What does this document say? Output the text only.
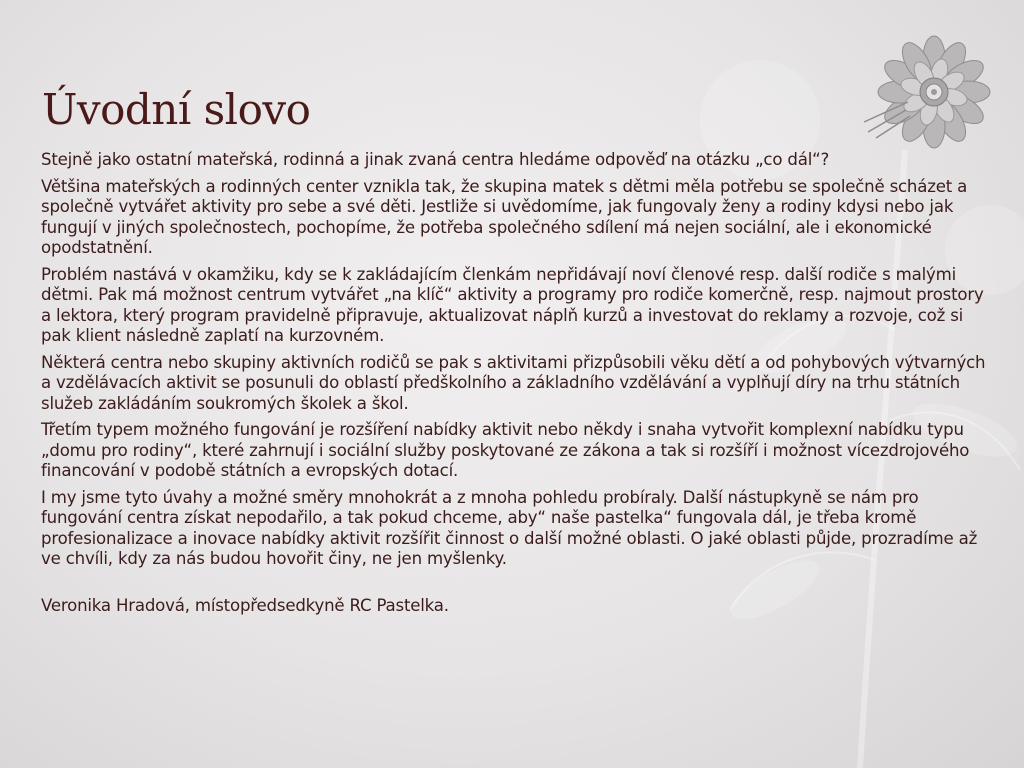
Úvodní slovo

Stejně jako ostatní mateřská, rodinná a jinak zvaná centra hledáme odpověď na otázku „co dál“?

Většina mateřských a rodinných center vznikla tak, že skupina matek s dětmi měla potřebu se společně scházet a společně vytvářet aktivity pro sebe a své děti. Jestliže si uvědomíme, jak fungovaly ženy a rodiny kdysi nebo jak fungují v jiných společnostech, pochopíme, že potřeba společného sdílení má nejen sociální, ale i ekonomické opodstatnění.

Problém nastává v okamžiku, kdy se k zakládajícím členkám nepřidávají noví členové resp. další rodiče s malými dětmi. Pak má možnost centrum vytvářet „na klíč“ aktivity a programy pro rodiče komerčně, resp. najmout prostory a lektora, který program pravidelně připravuje, aktualizovat náplň kurzů a investovat do reklamy a rozvoje, což si pak klient následně zaplatí na kurzovném.

Některá centra nebo skupiny aktivních rodičů se pak s aktivitami přizpůsobili věku dětí a od pohybových výtvarných a vzdělávacích aktivit se posunuli do oblastí předškolního a základního vzdělávání a vyplňují díry na trhu státních služeb zakládáním soukromých školek a škol.

Třetím typem možného fungování je rozšíření nabídky aktivit nebo někdy i snaha vytvořit komplexní nabídku typu „domu pro rodiny“, které zahrnují i sociální služby poskytované ze zákona a tak si rozšíří i možnost vícezdrojového financování v podobě státních a evropských dotací.

I my jsme tyto úvahy a možné směry mnohokrát a z mnoha pohledu probíraly. Další nástupkyně se nám pro fungování centra získat nepodařilo, a tak pokud chceme, aby“ naše pastelka“ fungovala dál, je třeba kromě profesionalizace a inovace nabídky aktivit rozšířit činnost o další možné oblasti. O jaké oblasti půjde, prozradíme až ve chvíli, kdy za nás budou hovořit činy, ne jen myšlenky.

Veronika Hradová, místopředsedkyně RC Pastelka.
